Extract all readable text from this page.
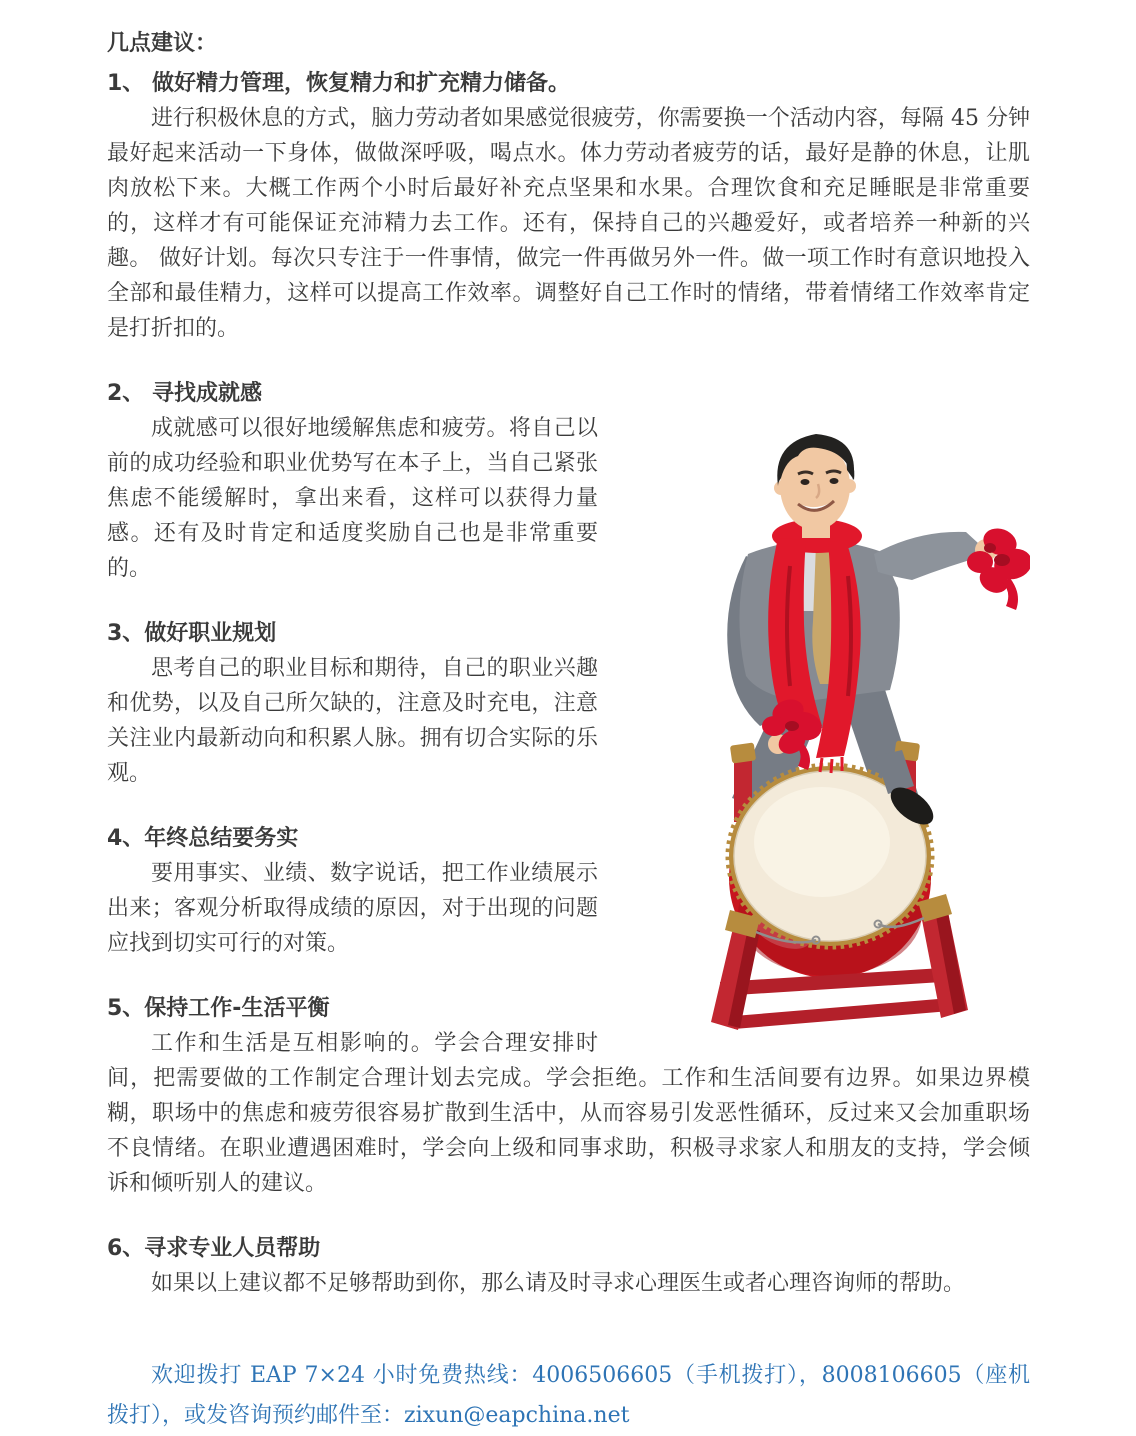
几点建议：

1、 做好精力管理，恢复精力和扩充精力储备。

进行积极休息的方式，脑力劳动者如果感觉很疲劳，你需要换一个活动内容，每隔 45 分钟最好起来活动一下身体，做做深呼吸，喝点水。体力劳动者疲劳的话，最好是静的休息，让肌肉放松下来。大概工作两个小时后最好补充点坚果和水果。合理饮食和充足睡眠是非常重要的，这样才有可能保证充沛精力去工作。还有，保持自己的兴趣爱好，或者培养一种新的兴趣。 做好计划。每次只专注于一件事情，做完一件再做另外一件。做一项工作时有意识地投入全部和最佳精力，这样可以提高工作效率。调整好自己工作时的情绪，带着情绪工作效率肯定是打折扣的。

2、 寻找成就感

成就感可以很好地缓解焦虑和疲劳。将自己以前的成功经验和职业优势写在本子上，当自己紧张焦虑不能缓解时，拿出来看，这样可以获得力量感。还有及时肯定和适度奖励自己也是非常重要的。

3、做好职业规划

思考自己的职业目标和期待，自己的职业兴趣和优势，以及自己所欠缺的，注意及时充电，注意关注业内最新动向和积累人脉。拥有切合实际的乐观。

4、年终总结要务实

要用事实、业绩、数字说话，把工作业绩展示出来；客观分析取得成绩的原因，对于出现的问题应找到切实可行的对策。

5、保持工作-生活平衡

工作和生活是互相影响的。学会合理安排时间，把需要做的工作制定合理计划去完成。学会拒绝。工作和生活间要有边界。如果边界模糊，职场中的焦虑和疲劳很容易扩散到生活中，从而容易引发恶性循环，反过来又会加重职场不良情绪。在职业遭遇困难时，学会向上级和同事求助，积极寻求家人和朋友的支持，学会倾诉和倾听别人的建议。

6、寻求专业人员帮助

如果以上建议都不足够帮助到你，那么请及时寻求心理医生或者心理咨询师的帮助。

欢迎拨打 EAP 7×24 小时免费热线：4006506605（手机拨打），8008106605（座机拨打），或发咨询预约邮件至：zixun@eapchina.net
